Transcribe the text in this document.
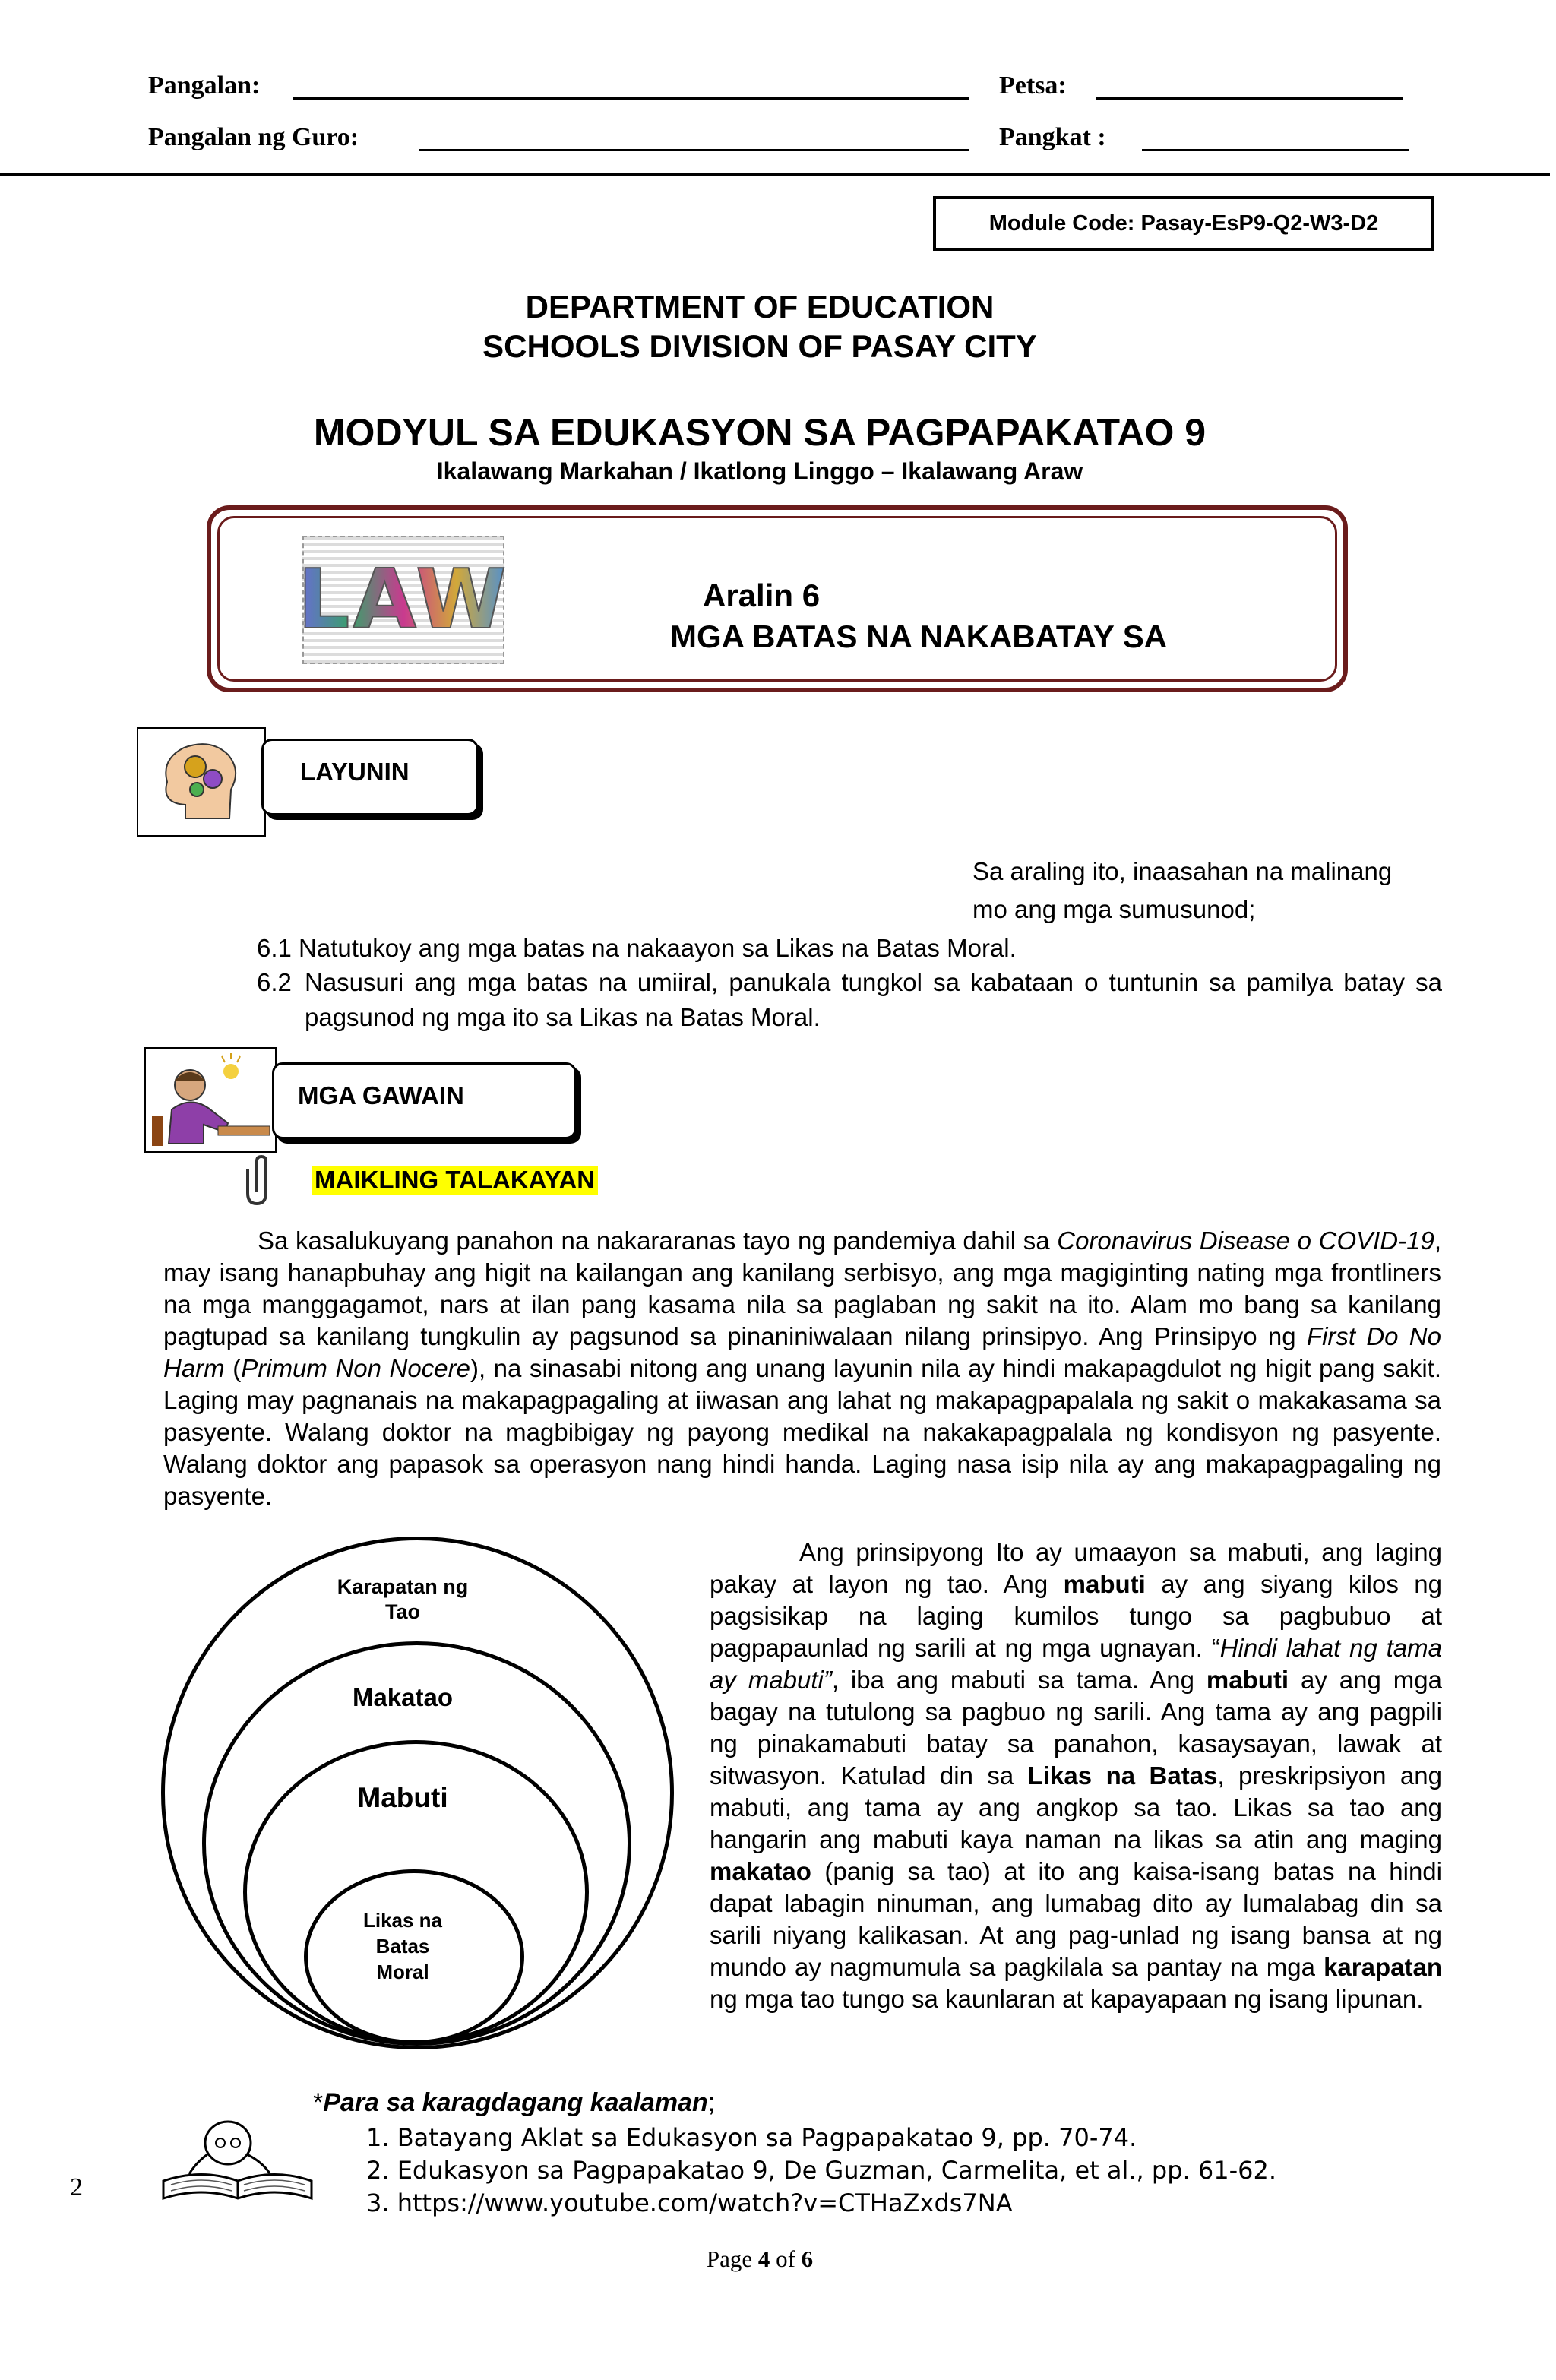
Pangalan:	Petsa:
Pangalan ng Guro:	Pangkat :
Module Code: Pasay-EsP9-Q2-W3-D2
DEPARTMENT OF EDUCATION
SCHOOLS DIVISION OF PASAY CITY
MODYUL SA EDUKASYON SA PAGPAPAKATAO 9
Ikalawang Markahan / Ikatlong Linggo – Ikalawang Araw
LAW	Aralin 6
MGA BATAS NA NAKABATAY SA
LAYUNIN
Sa araling ito, inaasahan na malinang
mo ang mga sumusunod;
6.1 Natutukoy ang mga batas na nakaayon sa Likas na Batas Moral.
6.2 Nasusuri ang mga batas na umiiral, panukala tungkol sa kabataan o tuntunin sa pamilya batay sa pagsunod ng mga ito sa Likas na Batas Moral.
MGA GAWAIN
MAIKLING TALAKAYAN
Sa kasalukuyang panahon na nakararanas tayo ng pandemiya dahil sa Coronavirus Disease o COVID-19, may isang hanapbuhay ang higit na kailangan ang kanilang serbisyo, ang mga magiginting nating mga frontliners na mga manggagamot, nars at ilan pang kasama nila sa paglaban ng sakit na ito. Alam mo bang sa kanilang pagtupad sa kanilang tungkulin ay pagsunod sa pinaniniwalaan nilang prinsipyo. Ang Prinsipyo ng First Do No Harm (Primum Non Nocere), na sinasabi nitong ang unang layunin nila ay hindi makapagdulot ng higit pang sakit. Laging may pagnanais na makapagpagaling at iiwasan ang lahat ng makapagpapalala ng sakit o makakasama sa pasyente. Walang doktor na magbibigay ng payong medikal na nakakapagpalala ng kondisyon ng pasyente. Walang doktor ang papasok sa operasyon nang hindi handa. Laging nasa isip nila ay ang makapagpagaling ng pasyente.
Karapatan ng Tao
Makatao
Mabuti
Likas na Batas Moral
Ang prinsipyong Ito ay umaayon sa mabuti, ang laging pakay at layon ng tao. Ang mabuti ay ang siyang kilos ng pagsisikap na laging kumilos tungo sa pagbubuo at pagpapaunlad ng sarili at ng mga ugnayan. “Hindi lahat ng tama ay mabuti”, iba ang mabuti sa tama. Ang mabuti ay ang mga bagay na tutulong sa pagbuo ng sarili. Ang tama ay ang pagpili ng pinakamabuti batay sa panahon, kasaysayan, lawak at sitwasyon. Katulad din sa Likas na Batas, preskripsiyon ang mabuti, ang tama ay ang angkop sa tao. Likas sa tao ang hangarin ang mabuti kaya naman na likas sa atin ang maging makatao (panig sa tao) at ito ang kaisa-isang batas na hindi dapat labagin ninuman, ang lumabag dito ay lumalabag din sa sarili niyang kalikasan. At ang pag-unlad ng isang bansa at ng mundo ay nagmumula sa pagkilala sa pantay na mga karapatan ng mga tao tungo sa kaunlaran at kapayapaan ng isang lipunan.
*Para sa karagdagang kaalaman;
1. Batayang Aklat sa Edukasyon sa Pagpapakatao 9, pp. 70-74.
2. Edukasyon sa Pagpapakatao 9, De Guzman, Carmelita, et al., pp. 61-62.
3. https://www.youtube.com/watch?v=CTHaZxds7NA
2
Page 4 of 6
